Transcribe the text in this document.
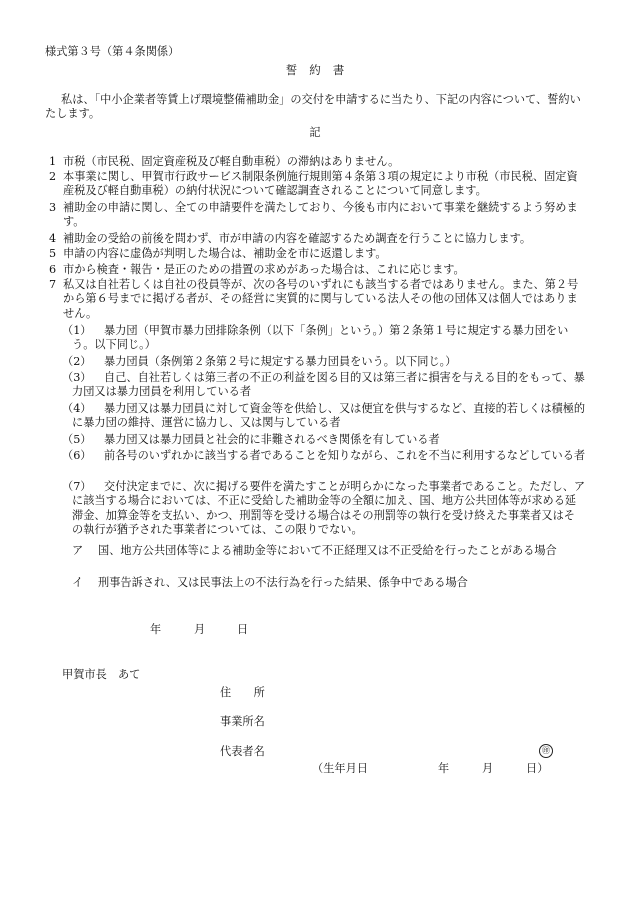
様式第３号（第４条関係）
誓約書
私は、「中小企業者等賃上げ環境整備補助金」の交付を申請するに当たり、下記の内容について、誓約いたします。
記
1 市税（市民税、固定資産税及び軽自動車税）の滞納はありません。
2 本事業に関し、甲賀市行政サービス制限条例施行規則第４条第３項の規定により市税（市民税、固定資産税及び軽自動車税）の納付状況について確認調査されることについて同意します。
3 補助金の申請に関し、全ての申請要件を満たしており、今後も市内において事業を継続するよう努めます。
4 補助金の受給の前後を問わず、市が申請の内容を確認するため調査を行うことに協力します。
5 申請の内容に虚偽が判明した場合は、補助金を市に返還します。
6 市から検査・報告・是正のための措置の求めがあった場合は、これに応じます。
7 私又は自社若しくは自社の役員等が、次の各号のいずれにも該当する者ではありません。また、第２号から第６号までに掲げる者が、その経営に実質的に関与している法人その他の団体又は個人ではありません。
（1）	暴力団（甲賀市暴力団排除条例（以下「条例」という。）第２条第１号に規定する暴力団をいう。以下同じ。）
（2）	暴力団員（条例第２条第２号に規定する暴力団員をいう。以下同じ。）
（3）	自己、自社若しくは第三者の不正の利益を図る目的又は第三者に損害を与える目的をもって、暴力団又は暴力団員を利用している者
（4）	暴力団又は暴力団員に対して資金等を供給し、又は便宜を供与するなど、直接的若しくは積極的に暴力団の維持、運営に協力し、又は関与している者
（5）	暴力団又は暴力団員と社会的に非難されるべき関係を有している者
（6）	前各号のいずれかに該当する者であることを知りながら、これを不当に利用するなどしている者
（7）	交付決定までに、次に掲げる要件を満たすことが明らかになった事業者であること。ただし、アに該当する場合においては、不正に受給した補助金等の全額に加え、国、地方公共団体等が求める延滞金、加算金等を支払い、かつ、刑罰等を受ける場合はその刑罰等の執行を受け終えた事業者又はその執行が猶予された事業者については、この限りでない。
ア	国、地方公共団体等による補助金等において不正経理又は不正受給を行ったことがある場合
イ	刑事告訴され、又は民事法上の不法行為を行った結果、係争中である場合
年	月	日
甲賀市長　あて
住　　所
事業所名
代表者名	㊞
（生年月日	年	月	日）
